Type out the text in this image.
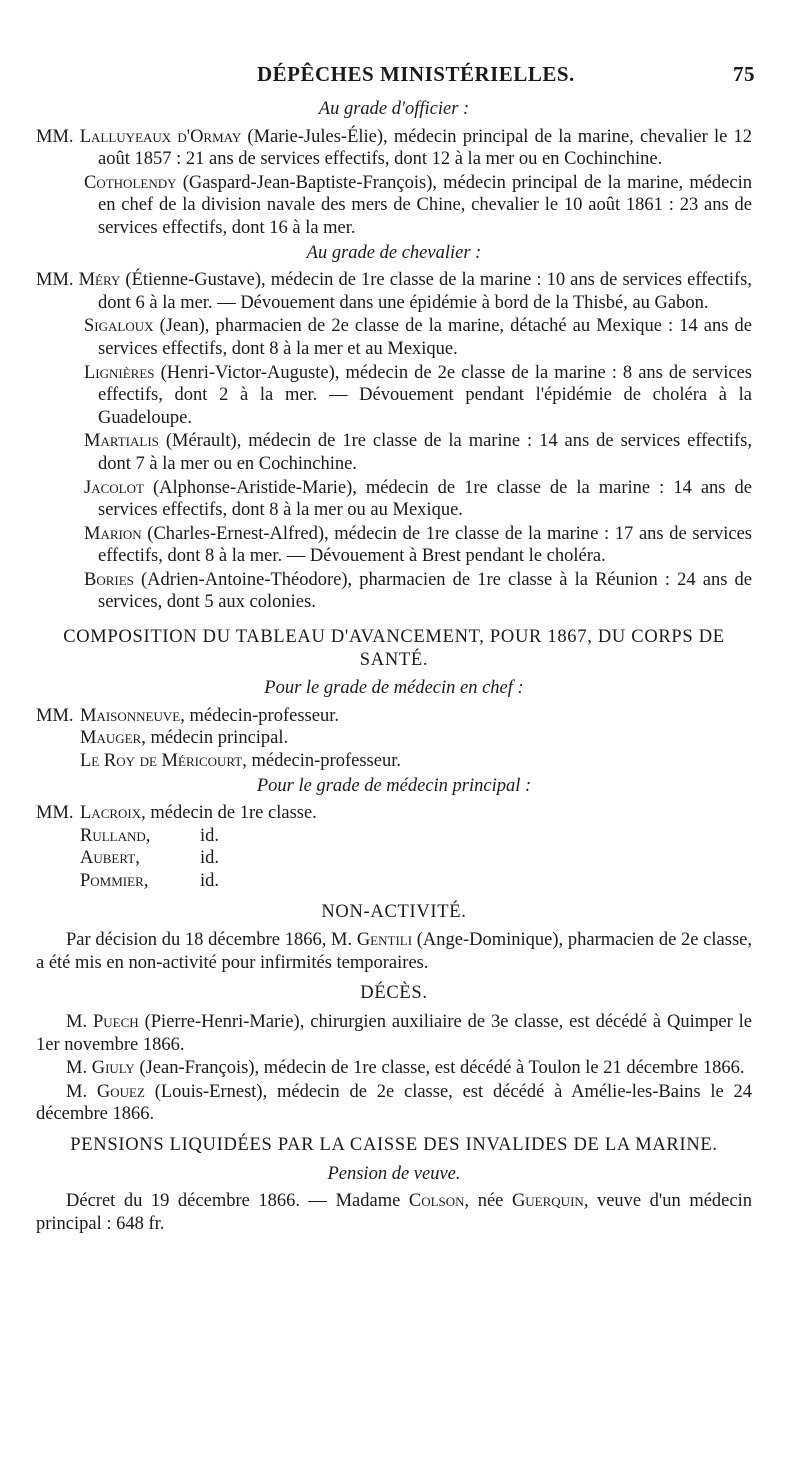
DÉPÊCHES MINISTÉRIELLES.	75

Au grade d'officier :

MM. Lalluyeaux d'Ormay (Marie-Jules-Élie), médecin principal de la marine, chevalier le 12 août 1857 : 21 ans de services effectifs, dont 12 à la mer ou en Cochinchine.

Cotholendy (Gaspard-Jean-Baptiste-François), médecin principal de la marine, médecin en chef de la division navale des mers de Chine, chevalier le 10 août 1861 : 23 ans de services effectifs, dont 16 à la mer.

Au grade de chevalier :

MM. Méry (Étienne-Gustave), médecin de 1re classe de la marine : 10 ans de services effectifs, dont 6 à la mer. — Dévouement dans une épidémie à bord de la Thisbé, au Gabon.

Sigaloux (Jean), pharmacien de 2e classe de la marine, détaché au Mexique : 14 ans de services effectifs, dont 8 à la mer et au Mexique.

Lignières (Henri-Victor-Auguste), médecin de 2e classe de la marine : 8 ans de services effectifs, dont 2 à la mer. — Dévouement pendant l'épidémie de choléra à la Guadeloupe.

Martialis (Mérault), médecin de 1re classe de la marine : 14 ans de services effectifs, dont 7 à la mer ou en Cochinchine.

Jacolot (Alphonse-Aristide-Marie), médecin de 1re classe de la marine : 14 ans de services effectifs, dont 8 à la mer ou au Mexique.

Marion (Charles-Ernest-Alfred), médecin de 1re classe de la marine : 17 ans de services effectifs, dont 8 à la mer. — Dévouement à Brest pendant le choléra.

Bories (Adrien-Antoine-Théodore), pharmacien de 1re classe à la Réunion : 24 ans de services, dont 5 aux colonies.

COMPOSITION DU TABLEAU D'AVANCEMENT, POUR 1867, DU CORPS DE SANTÉ.

Pour le grade de médecin en chef :

MM. Maisonneuve, médecin-professeur.
Mauger, médecin principal.
Le Roy de Méricourt, médecin-professeur.

Pour le grade de médecin principal :

MM. Lacroix, médecin de 1re classe.
Rulland,	id.
Aubert,	id.
Pommier,	id.

NON-ACTIVITÉ.

Par décision du 18 décembre 1866, M. Gentili (Ange-Dominique), pharmacien de 2e classe, a été mis en non-activité pour infirmités temporaires.

DÉCÈS.

M. Puech (Pierre-Henri-Marie), chirurgien auxiliaire de 3e classe, est décédé à Quimper le 1er novembre 1866.

M. Giuly (Jean-François), médecin de 1re classe, est décédé à Toulon le 21 décembre 1866.

M. Gouez (Louis-Ernest), médecin de 2e classe, est décédé à Amélie-les-Bains le 24 décembre 1866.

PENSIONS LIQUIDÉES PAR LA CAISSE DES INVALIDES DE LA MARINE.

Pension de veuve.

Décret du 19 décembre 1866. — Madame Colson, née Guerquin, veuve d'un médecin principal : 648 fr.
